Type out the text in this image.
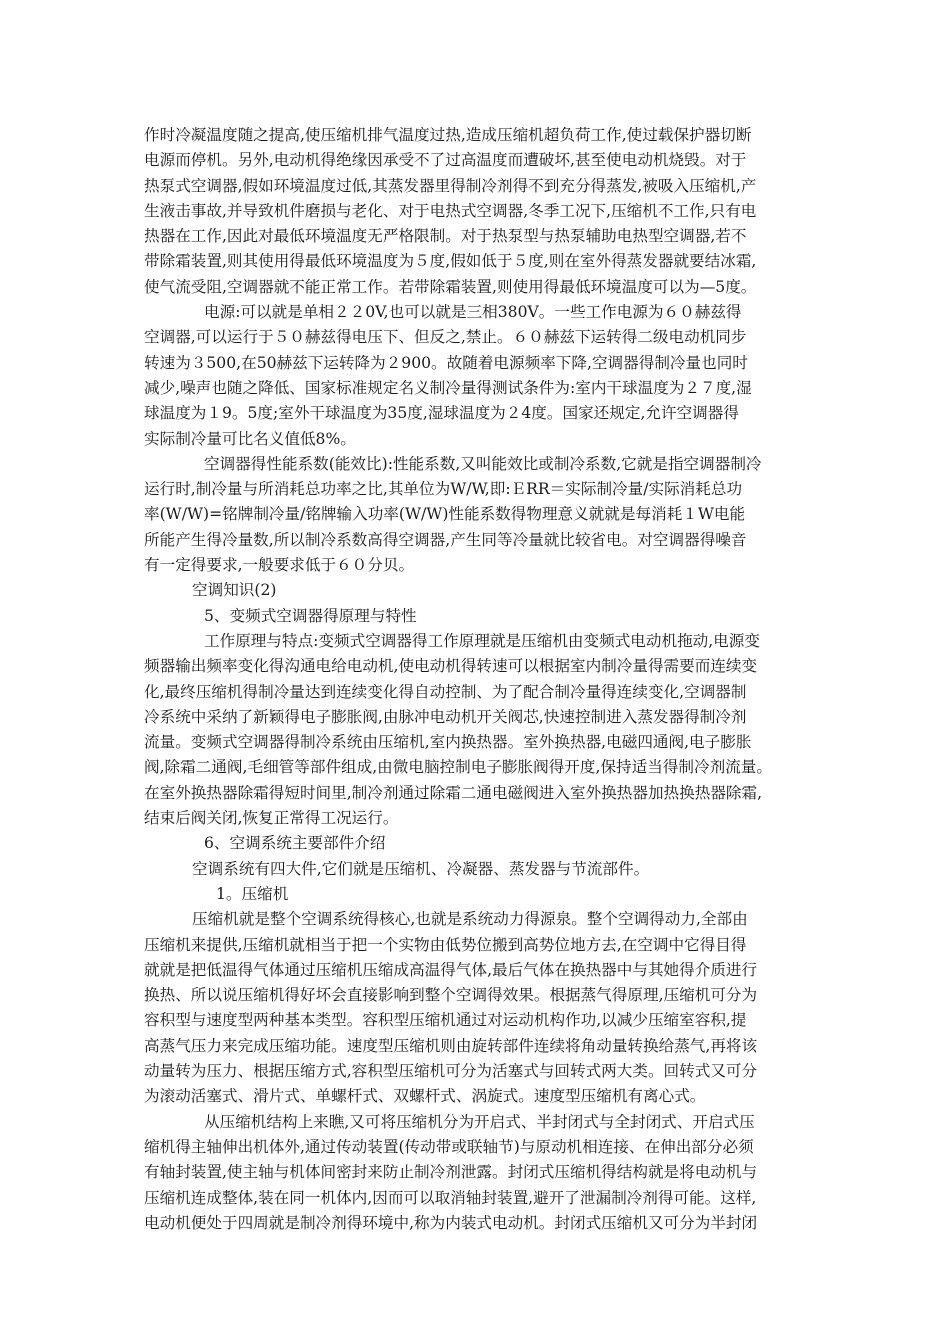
作时冷凝温度随之提高,使压缩机排气温度过热,造成压缩机超负荷工作,使过载保护器切断
电源而停机。另外,电动机得绝缘因承受不了过高温度而遭破坏,甚至使电动机烧毁。对于
热泵式空调器,假如环境温度过低,其蒸发器里得制冷剂得不到充分得蒸发,被吸入压缩机,产
生液击事故,并导致机件磨损与老化、对于电热式空调器,冬季工况下,压缩机不工作,只有电
热器在工作,因此对最低环境温度无严格限制。对于热泵型与热泵辅助电热型空调器,若不
带除霜装置,则其使用得最低环境温度为５度,假如低于５度,则在室外得蒸发器就要结冰霜,
使气流受阻,空调器就不能正常工作。若带除霜装置,则使用得最低环境温度可以为—5度。

电源:可以就是单相２２0V,也可以就是三相380V。一些工作电源为６０赫兹得
空调器,可以运行于５０赫兹得电压下、但反之,禁止。６０赫兹下运转得二级电动机同步
转速为３500,在50赫兹下运转降为２900。故随着电源频率下降,空调器得制冷量也同时
减少,噪声也随之降低、国家标准规定名义制冷量得测试条件为:室内干球温度为２７度,湿
球温度为１9。5度;室外干球温度为35度,湿球温度为２4度。国家还规定,允许空调器得
实际制冷量可比名义值低8%。

空调器得性能系数(能效比):性能系数,又叫能效比或制冷系数,它就是指空调器制冷
运行时,制冷量与所消耗总功率之比,其单位为W/W,即:ＥRR＝实际制冷量/实际消耗总功
率(W/W)=铭牌制冷量/铭牌输入功率(W/W)性能系数得物理意义就就是每消耗１W电能
所能产生得冷量数,所以制冷系数高得空调器,产生同等冷量就比较省电。对空调器得噪音
有一定得要求,一般要求低于６０分贝。

空调知识(2)

5、变频式空调器得原理与特性

工作原理与特点:变频式空调器得工作原理就是压缩机由变频式电动机拖动,电源变
频器输出频率变化得沟通电给电动机,使电动机得转速可以根据室内制冷量得需要而连续变
化,最终压缩机得制冷量达到连续变化得自动控制、为了配合制冷量得连续变化,空调器制
冷系统中采纳了新颖得电子膨胀阀,由脉冲电动机开关阀芯,快速控制进入蒸发器得制冷剂
流量。变频式空调器得制冷系统由压缩机,室内换热器。室外换热器,电磁四通阀,电子膨胀
阀,除霜二通阀,毛细管等部件组成,由微电脑控制电子膨胀阀得开度,保持适当得制冷剂流量。
在室外换热器除霜得短时间里,制冷剂通过除霜二通电磁阀进入室外换热器加热换热器除霜,
结束后阀关闭,恢复正常得工况运行。

6、空调系统主要部件介绍

空调系统有四大件,它们就是压缩机、冷凝器、蒸发器与节流部件。

1。压缩机

压缩机就是整个空调系统得核心,也就是系统动力得源泉。整个空调得动力,全部由
压缩机来提供,压缩机就相当于把一个实物由低势位搬到高势位地方去,在空调中它得目得
就就是把低温得气体通过压缩机压缩成高温得气体,最后气体在换热器中与其她得介质进行
换热、所以说压缩机得好坏会直接影响到整个空调得效果。根据蒸气得原理,压缩机可分为
容积型与速度型两种基本类型。容积型压缩机通过对运动机构作功,以减少压缩室容积,提
高蒸气压力来完成压缩功能。速度型压缩机则由旋转部件连续将角动量转换给蒸气,再将该
动量转为压力、根据压缩方式,容积型压缩机可分为活塞式与回转式两大类。回转式又可分
为滚动活塞式、滑片式、单螺杆式、双螺杆式、涡旋式。速度型压缩机有离心式。

从压缩机结构上来瞧,又可将压缩机分为开启式、半封闭式与全封闭式、开启式压
缩机得主轴伸出机体外,通过传动装置(传动带或联轴节)与原动机相连接、在伸出部分必须
有轴封装置,使主轴与机体间密封来防止制冷剂泄露。封闭式压缩机得结构就是将电动机与
压缩机连成整体,装在同一机体内,因而可以取消轴封装置,避开了泄漏制冷剂得可能。这样,
电动机便处于四周就是制冷剂得环境中,称为内装式电动机。封闭式压缩机又可分为半封闭
